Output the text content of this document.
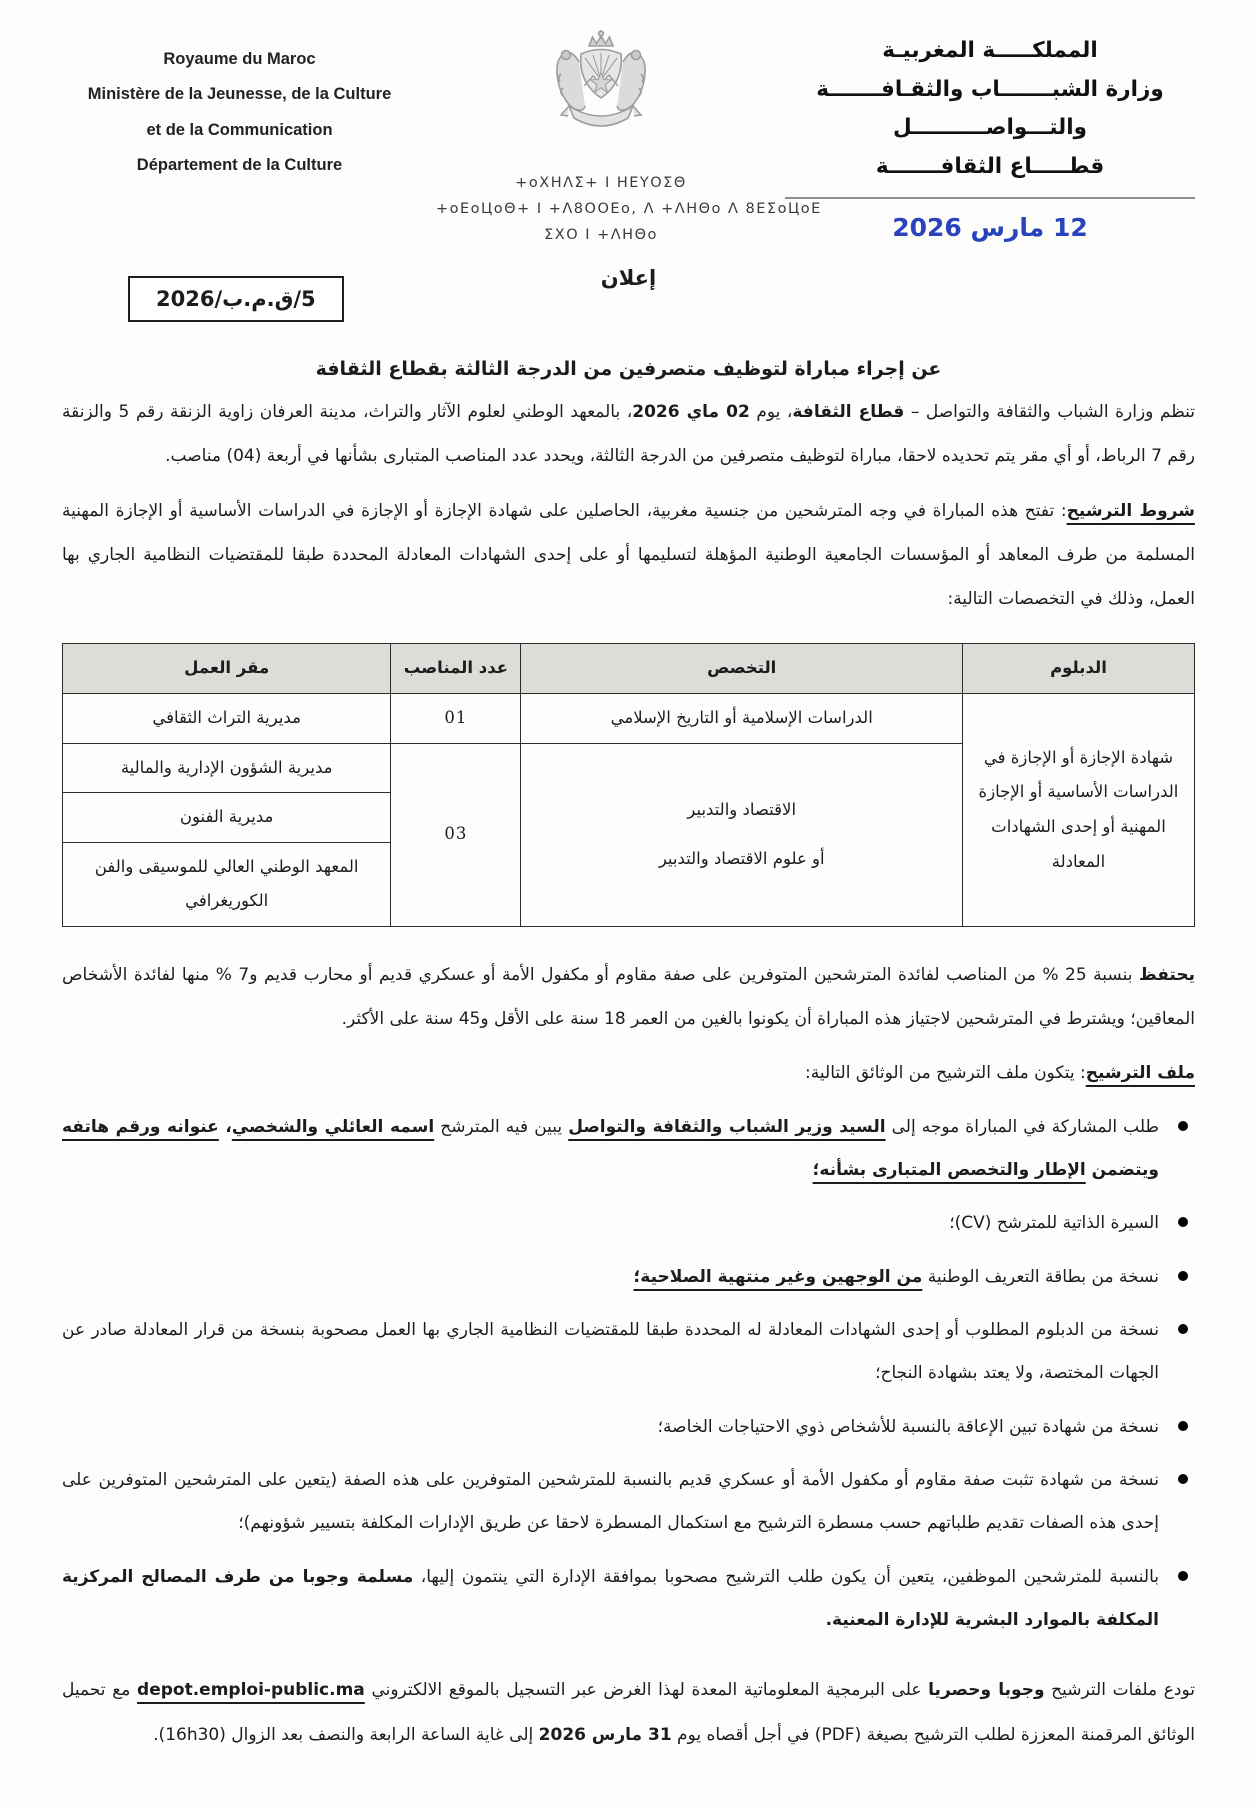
Royaume du Maroc
Ministère de la Jeunesse, de la Culture
et de la Communication
Département de la Culture
+oXHΛΣ+ I HΕΥΟΣΘ
+oΕoЦoΘ+ I +Λ8ΟΟΕo, Λ +ΛΗΘo Λ 8ΕΣoЦoΕ
ΣXΟ I +ΛΗΘo
المملكـــــة المغربيـة
وزارة الشبـــــــاب والثقـافـــــــة
والتـــواصــــــــــل
قطـــــاع الثقافـــــــة
12 مارس 2026
5/ق.م.ب/2026
إعلان
عن إجراء مباراة لتوظيف متصرفين من الدرجة الثالثة بقطاع الثقافة

تنظم وزارة الشباب والثقافة والتواصل – قطاع الثقافة، يوم 02 ماي 2026، بالمعهد الوطني لعلوم الآثار والتراث، مدينة العرفان زاوية الزنقة رقم 5 والزنقة رقم 7 الرباط، أو أي مقر يتم تحديده لاحقا، مباراة لتوظيف متصرفين من الدرجة الثالثة، ويحدد عدد المناصب المتبارى بشأنها في أربعة (04) مناصب.

شروط الترشيح: تفتح هذه المباراة في وجه المترشحين من جنسية مغربية، الحاصلين على شهادة الإجازة أو الإجازة في الدراسات الأساسية أو الإجازة المهنية المسلمة من طرف المعاهد أو المؤسسات الجامعية الوطنية المؤهلة لتسليمها أو على إحدى الشهادات المعادلة المحددة طبقا للمقتضيات النظامية الجاري بها العمل، وذلك في التخصصات التالية:

الدبلوم	التخصص	عدد المناصب	مقر العمل
شهادة الإجازة أو الإجازة في الدراسات الأساسية أو الإجازة المهنية أو إحدى الشهادات المعادلة	الدراسات الإسلامية أو التاريخ الإسلامي	01	مديرية التراث الثقافي

	الاقتصاد والتدبير
أو علوم الاقتصاد والتدبير	03	مديرية الشؤون الإدارية والمالية
			مديرية الفنون
			المعهد الوطني العالي للموسيقى والفن الكوريغرافي

يحتفظ بنسبة 25 % من المناصب لفائدة المترشحين المتوفرين على صفة مقاوم أو مكفول الأمة أو عسكري قديم أو محارب قديم و7 % منها لفائدة الأشخاص المعاقين؛ ويشترط في المترشحين لاجتياز هذه المباراة أن يكونوا بالغين من العمر 18 سنة على الأقل و45 سنة على الأكثر.

ملف الترشيح: يتكون ملف الترشيح من الوثائق التالية:

طلب المشاركة في المباراة موجه إلى السيد وزير الشباب والثقافة والتواصل يبين فيه المترشح اسمه العائلي والشخصي، عنوانه ورقم هاتفه ويتضمن الإطار والتخصص المتبارى بشأنه؛
السيرة الذاتية للمترشح (CV)؛
نسخة من بطاقة التعريف الوطنية من الوجهين وغير منتهية الصلاحية؛
نسخة من الدبلوم المطلوب أو إحدى الشهادات المعادلة له المحددة طبقا للمقتضيات النظامية الجاري بها العمل مصحوبة بنسخة من قرار المعادلة صادر عن الجهات المختصة، ولا يعتد بشهادة النجاح؛
نسخة من شهادة تبين الإعاقة بالنسبة للأشخاص ذوي الاحتياجات الخاصة؛
نسخة من شهادة تثبت صفة مقاوم أو مكفول الأمة أو عسكري قديم بالنسبة للمترشحين المتوفرين على هذه الصفة (يتعين على المترشحين المتوفرين على إحدى هذه الصفات تقديم طلباتهم حسب مسطرة الترشيح مع استكمال المسطرة لاحقا عن طريق الإدارات المكلفة بتسيير شؤونهم)؛
بالنسبة للمترشحين الموظفين، يتعين أن يكون طلب الترشيح مصحوبا بموافقة الإدارة التي ينتمون إليها، مسلمة وجوبا من طرف المصالح المركزية المكلفة بالموارد البشرية للإدارة المعنية.

تودع ملفات الترشيح وجوبا وحصريا على البرمجية المعلوماتية المعدة لهذا الغرض عبر التسجيل بالموقع الالكتروني depot.emploi-public.ma مع تحميل الوثائق المرقمنة المعززة لطلب الترشيح بصيغة (PDF) في أجل أقصاه يوم 31 مارس 2026 إلى غاية الساعة الرابعة والنصف بعد الزوال (16h30).
